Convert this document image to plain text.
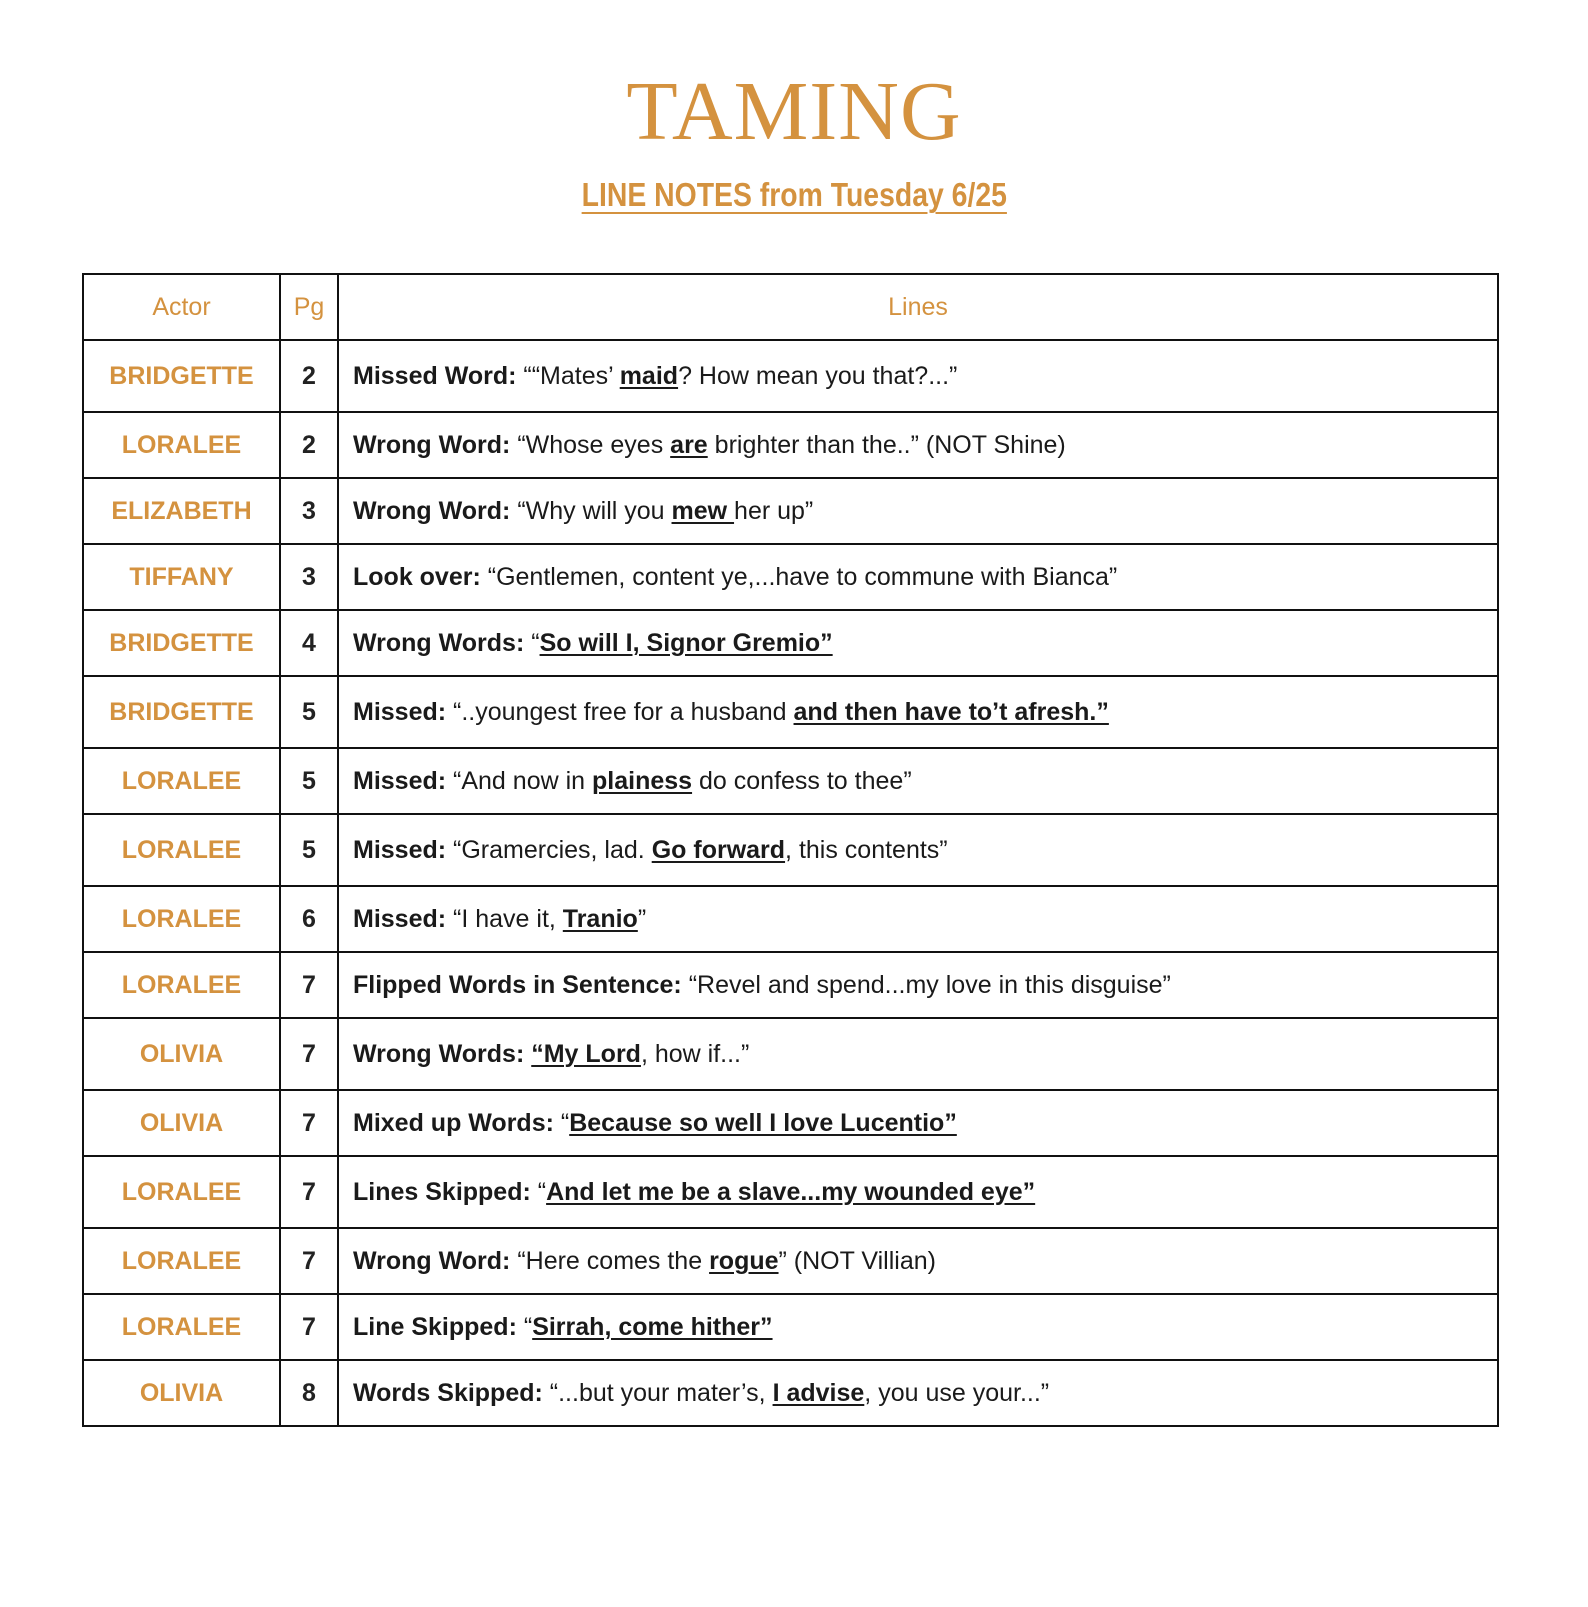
TAMING
LINE NOTES from Tuesday 6/25
Actor	Pg	Lines
BRIDGETTE	2	Missed Word: ““Mates’ maid? How mean you that?...”
LORALEE	2	Wrong Word: “Whose eyes are brighter than the..” (NOT Shine)
ELIZABETH	3	Wrong Word: “Why will you mew her up”
TIFFANY	3	Look over: “Gentlemen, content ye,...have to commune with Bianca”
BRIDGETTE	4	Wrong Words: “So will I, Signor Gremio”
BRIDGETTE	5	Missed: “..youngest free for a husband and then have to’t afresh.”
LORALEE	5	Missed: “And now in plainess do confess to thee”
LORALEE	5	Missed: “Gramercies, lad. Go forward, this contents”
LORALEE	6	Missed: “I have it, Tranio”
LORALEE	7	Flipped Words in Sentence: “Revel and spend...my love in this disguise”
OLIVIA	7	Wrong Words: “My Lord, how if...”
OLIVIA	7	Mixed up Words: “Because so well I love Lucentio”
LORALEE	7	Lines Skipped: “And let me be a slave...my wounded eye”
LORALEE	7	Wrong Word: “Here comes the rogue” (NOT Villian)
LORALEE	7	Line Skipped: “Sirrah, come hither”
OLIVIA	8	Words Skipped: “...but your mater’s, I advise, you use your...”
